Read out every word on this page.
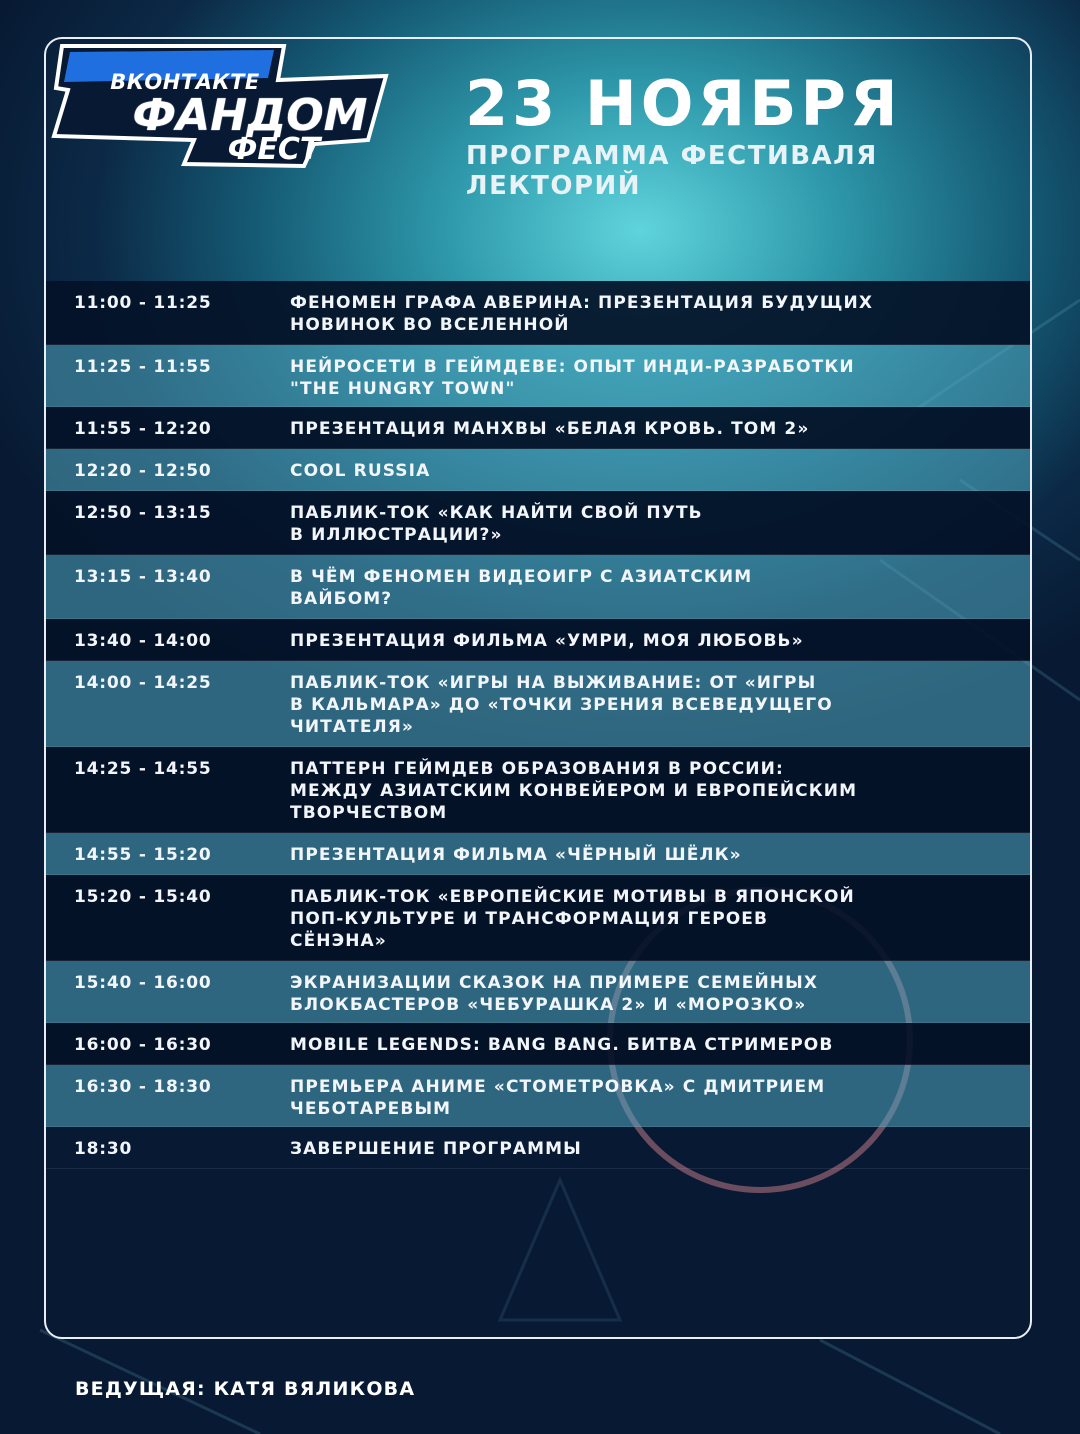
ВКОНТАКТЕ
ФАНДОМ
ФЕСТ
23 НОЯБРЯ
ПРОГРАММА ФЕСТИВАЛЯ
ЛЕКТОРИЙ
11:00 - 11:25	ФЕНОМЕН ГРАФА АВЕРИНА: ПРЕЗЕНТАЦИЯ БУДУЩИХ
НОВИНОК ВО ВСЕЛЕННОЙ
11:25 - 11:55	НЕЙРОСЕТИ В ГЕЙМДЕВЕ: ОПЫТ ИНДИ-РАЗРАБОТКИ
"THE HUNGRY TOWN"
11:55 - 12:20	ПРЕЗЕНТАЦИЯ МАНХВЫ «БЕЛАЯ КРОВЬ. ТОМ 2»
12:20 - 12:50	COOL RUSSIA
12:50 - 13:15	ПАБЛИК-ТОК «КАК НАЙТИ СВОЙ ПУТЬ
В ИЛЛЮСТРАЦИИ?»
13:15 - 13:40	В ЧЁМ ФЕНОМЕН ВИДЕОИГР С АЗИАТСКИМ
ВАЙБОМ?
13:40 - 14:00	ПРЕЗЕНТАЦИЯ ФИЛЬМА «УМРИ, МОЯ ЛЮБОВЬ»
14:00 - 14:25	ПАБЛИК-ТОК «ИГРЫ НА ВЫЖИВАНИЕ: ОТ «ИГРЫ
В КАЛЬМАРА» ДО «ТОЧКИ ЗРЕНИЯ ВСЕВЕДУЩЕГО
ЧИТАТЕЛЯ»
14:25 - 14:55	ПАТТЕРН ГЕЙМДЕВ ОБРАЗОВАНИЯ В РОССИИ:
МЕЖДУ АЗИАТСКИМ КОНВЕЙЕРОМ И ЕВРОПЕЙСКИМ
ТВОРЧЕСТВОМ
14:55 - 15:20	ПРЕЗЕНТАЦИЯ ФИЛЬМА «ЧЁРНЫЙ ШЁЛК»
15:20 - 15:40	ПАБЛИК-ТОК «ЕВРОПЕЙСКИЕ МОТИВЫ В ЯПОНСКОЙ
ПОП-КУЛЬТУРЕ И ТРАНСФОРМАЦИЯ ГЕРОЕВ
СЁНЭНА»
15:40 - 16:00	ЭКРАНИЗАЦИИ СКАЗОК НА ПРИМЕРЕ СЕМЕЙНЫХ
БЛОКБАСТЕРОВ «ЧЕБУРАШКА 2» И «МОРОЗКО»
16:00 - 16:30	MOBILE LEGENDS: BANG BANG. БИТВА СТРИМЕРОВ
16:30 - 18:30	ПРЕМЬЕРА АНИМЕ «СТОМЕТРОВКА» С ДМИТРИЕМ
ЧЕБОТАРЕВЫМ
18:30	ЗАВЕРШЕНИЕ ПРОГРАММЫ
ВЕДУЩАЯ: КАТЯ ВЯЛИКОВА
